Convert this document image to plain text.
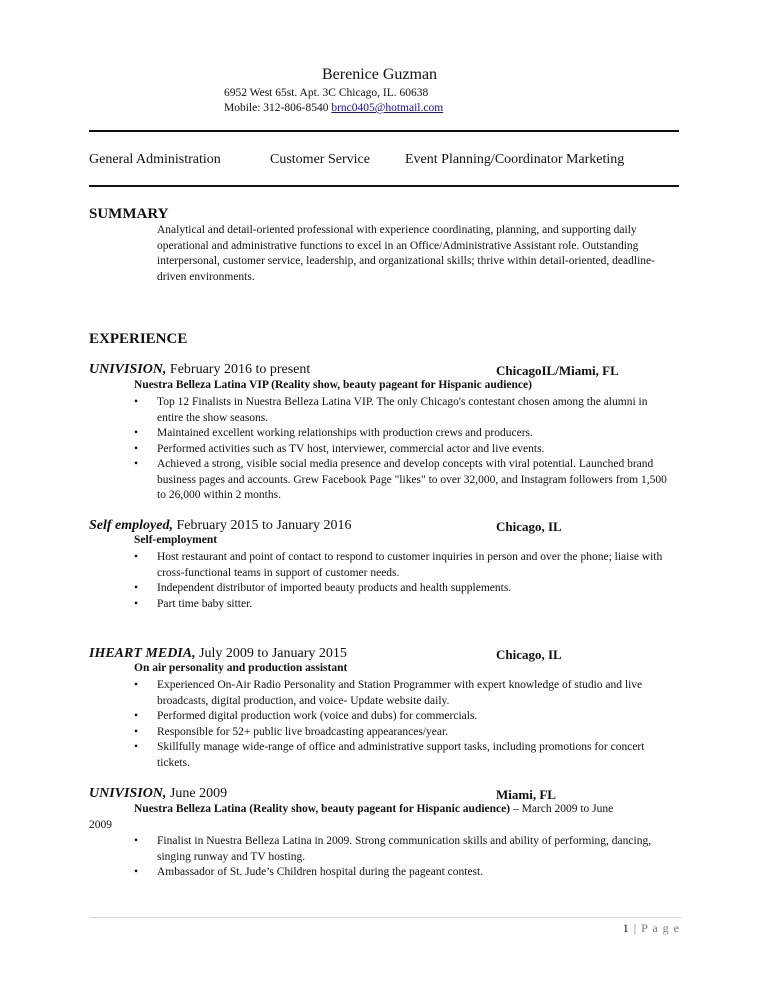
Berenice Guzman
6952 West 65st. Apt. 3C Chicago, IL. 60638
Mobile: 312-806-8540 brnc0405@hotmail.com
General Administration	Customer Service	Event Planning/Coordinator Marketing
SUMMARY
Analytical and detail-oriented professional with experience coordinating, planning, and supporting daily operational and administrative functions to excel in an Office/Administrative Assistant role. Outstanding interpersonal, customer service, leadership, and organizational skills; thrive within detail-oriented, deadline-driven environments.
EXPERIENCE
UNIVISION, February 2016 to present	ChicagoIL/Miami, FL
Nuestra Belleza Latina VIP (Reality show, beauty pageant for Hispanic audience)
• Top 12 Finalists in Nuestra Belleza Latina VIP. The only Chicago's contestant chosen among the alumni in entire the show seasons.
• Maintained excellent working relationships with production crews and producers.
• Performed activities such as TV host, interviewer, commercial actor and live events.
• Achieved a strong, visible social media presence and develop concepts with viral potential. Launched brand business pages and accounts. Grew Facebook Page "likes" to over 32,000, and Instagram followers from 1,500 to 26,000 within 2 months.
Self employed, February 2015 to January 2016	Chicago, IL
Self-employment
• Host restaurant and point of contact to respond to customer inquiries in person and over the phone; liaise with cross-functional teams in support of customer needs.
• Independent distributor of imported beauty products and health supplements.
• Part time baby sitter.
IHEART MEDIA, July 2009 to January 2015	Chicago, IL
On air personality and production assistant
• Experienced On-Air Radio Personality and Station Programmer with expert knowledge of studio and live broadcasts, digital production, and voice- Update website daily.
• Performed digital production work (voice and dubs) for commercials.
• Responsible for 52+ public live broadcasting appearances/year.
• Skillfully manage wide-range of office and administrative support tasks, including promotions for concert tickets.
UNIVISION, June 2009	Miami, FL
Nuestra Belleza Latina (Reality show, beauty pageant for Hispanic audience) – March 2009 to June
2009
• Finalist in Nuestra Belleza Latina in 2009. Strong communication skills and ability of performing, dancing, singing runway and TV hosting.
• Ambassador of St. Jude’s Children hospital during the pageant contest.
1 | P a g e
